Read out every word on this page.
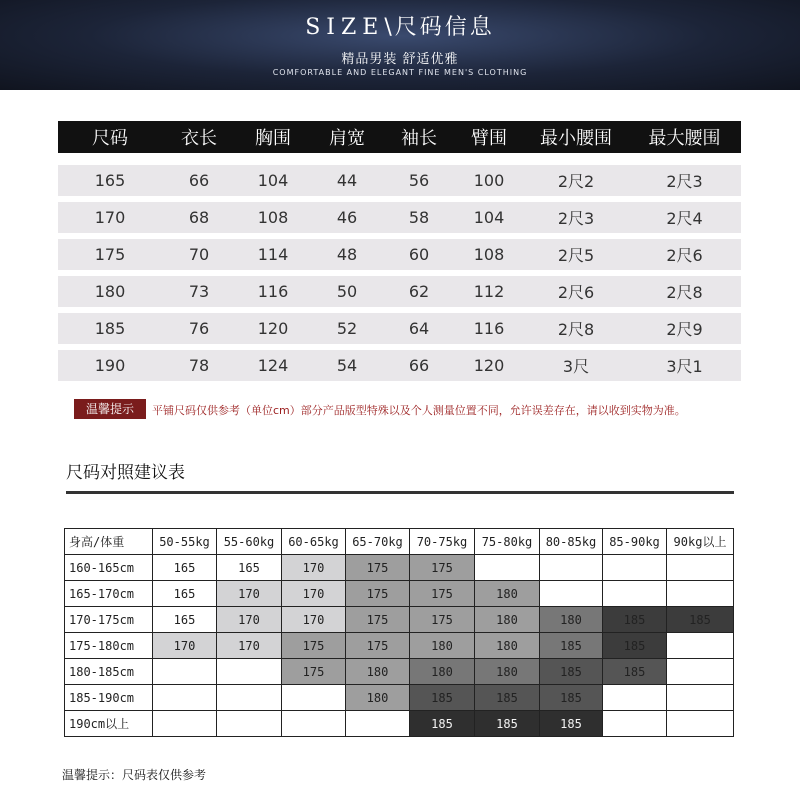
SIZE\尺码信息
精品男装 舒适优雅
COMFORTABLE AND ELEGANT FINE MEN'S CLOTHING
尺码	衣长	胸围	肩宽	袖长	臂围	最小腰围	最大腰围
165	66	104	44	56	100	2尺2	2尺3
170	68	108	46	58	104	2尺3	2尺4
175	70	114	48	60	108	2尺5	2尺6
180	73	116	50	62	112	2尺6	2尺8
185	76	120	52	64	116	2尺8	2尺9
190	78	124	54	66	120	3尺	3尺1
温馨提示	平铺尺码仅供参考（单位cm）部分产品版型特殊以及个人测量位置不同，允许误差存在，请以收到实物为准。
尺码对照建议表
身高/体重	50-55kg	55-60kg	60-65kg	65-70kg	70-75kg	75-80kg	80-85kg	85-90kg	90kg以上
160-165cm	165	165	170	175	175				
165-170cm	165	170	170	175	175	180			
170-175cm	165	170	170	175	175	180	180	185	185
175-180cm	170	170	175	175	180	180	185	185	
180-185cm			175	180	180	180	185	185	
185-190cm				180	185	185	185		
190cm以上					185	185	185		
温馨提示：尺码表仅供参考
